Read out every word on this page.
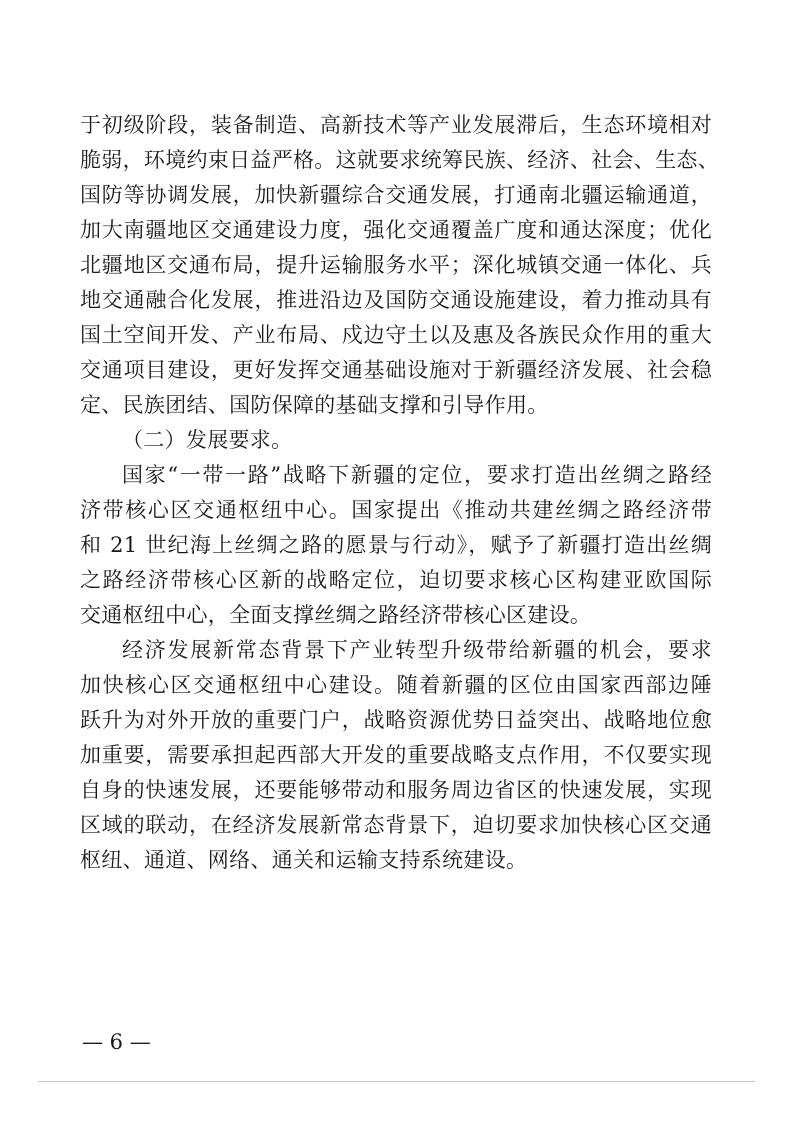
于初级阶段，装备制造、高新技术等产业发展滞后，生态环境相对
脆弱，环境约束日益严格。这就要求统筹民族、经济、社会、生态、
国防等协调发展，加快新疆综合交通发展，打通南北疆运输通道，
加大南疆地区交通建设力度，强化交通覆盖广度和通达深度；优化
北疆地区交通布局，提升运输服务水平；深化城镇交通一体化、兵
地交通融合化发展，推进沿边及国防交通设施建设，着力推动具有
国土空间开发、产业布局、戍边守土以及惠及各族民众作用的重大
交通项目建设，更好发挥交通基础设施对于新疆经济发展、社会稳
定、民族团结、国防保障的基础支撑和引导作用。
（二）发展要求。
国家“一带一路”战略下新疆的定位，要求打造出丝绸之路经
济带核心区交通枢纽中心。国家提出《推动共建丝绸之路经济带
和 21 世纪海上丝绸之路的愿景与行动》，赋予了新疆打造出丝绸
之路经济带核心区新的战略定位，迫切要求核心区构建亚欧国际
交通枢纽中心，全面支撑丝绸之路经济带核心区建设。
经济发展新常态背景下产业转型升级带给新疆的机会，要求
加快核心区交通枢纽中心建设。随着新疆的区位由国家西部边陲
跃升为对外开放的重要门户，战略资源优势日益突出、战略地位愈
加重要，需要承担起西部大开发的重要战略支点作用，不仅要实现
自身的快速发展，还要能够带动和服务周边省区的快速发展，实现
区域的联动，在经济发展新常态背景下，迫切要求加快核心区交通
枢纽、通道、网络、通关和运输支持系统建设。
— 6 —
